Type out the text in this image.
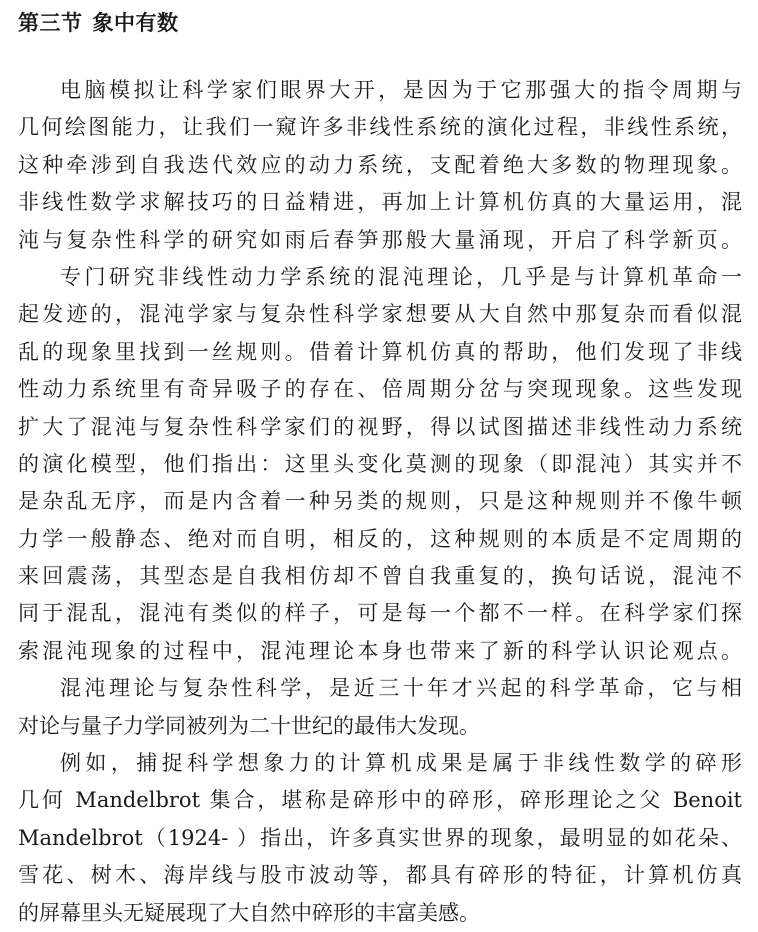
第三节 象中有数
电脑模拟让科学家们眼界大开，是因为于它那强大的指令周期与
几何绘图能力，让我们一窥许多非线性系统的演化过程，非线性系统，
这种牵涉到自我迭代效应的动力系统，支配着绝大多数的物理现象。
非线性数学求解技巧的日益精进，再加上计算机仿真的大量运用，混
沌与复杂性科学的研究如雨后春笋那般大量涌现，开启了科学新页。
专门研究非线性动力学系统的混沌理论，几乎是与计算机革命一
起发迹的，混沌学家与复杂性科学家想要从大自然中那复杂而看似混
乱的现象里找到一丝规则。借着计算机仿真的帮助，他们发现了非线
性动力系统里有奇异吸子的存在、倍周期分岔与突现现象。这些发现
扩大了混沌与复杂性科学家们的视野，得以试图描述非线性动力系统
的演化模型，他们指出：这里头变化莫测的现象（即混沌）其实并不
是杂乱无序，而是内含着一种另类的规则，只是这种规则并不像牛顿
力学一般静态、绝对而自明，相反的，这种规则的本质是不定周期的
来回震荡，其型态是自我相仿却不曾自我重复的，换句话说，混沌不
同于混乱，混沌有类似的样子，可是每一个都不一样。在科学家们探
索混沌现象的过程中，混沌理论本身也带来了新的科学认识论观点。
混沌理论与复杂性科学，是近三十年才兴起的科学革命，它与相
对论与量子力学同被列为二十世纪的最伟大发现。
例如，捕捉科学想象力的计算机成果是属于非线性数学的碎形
几何 Mandelbrot 集合，堪称是碎形中的碎形，碎形理论之父 Benoit
Mandelbrot（1924- ）指出，许多真实世界的现象，最明显的如花朵、
雪花、树木、海岸线与股市波动等，都具有碎形的特征，计算机仿真
的屏幕里头无疑展现了大自然中碎形的丰富美感。
